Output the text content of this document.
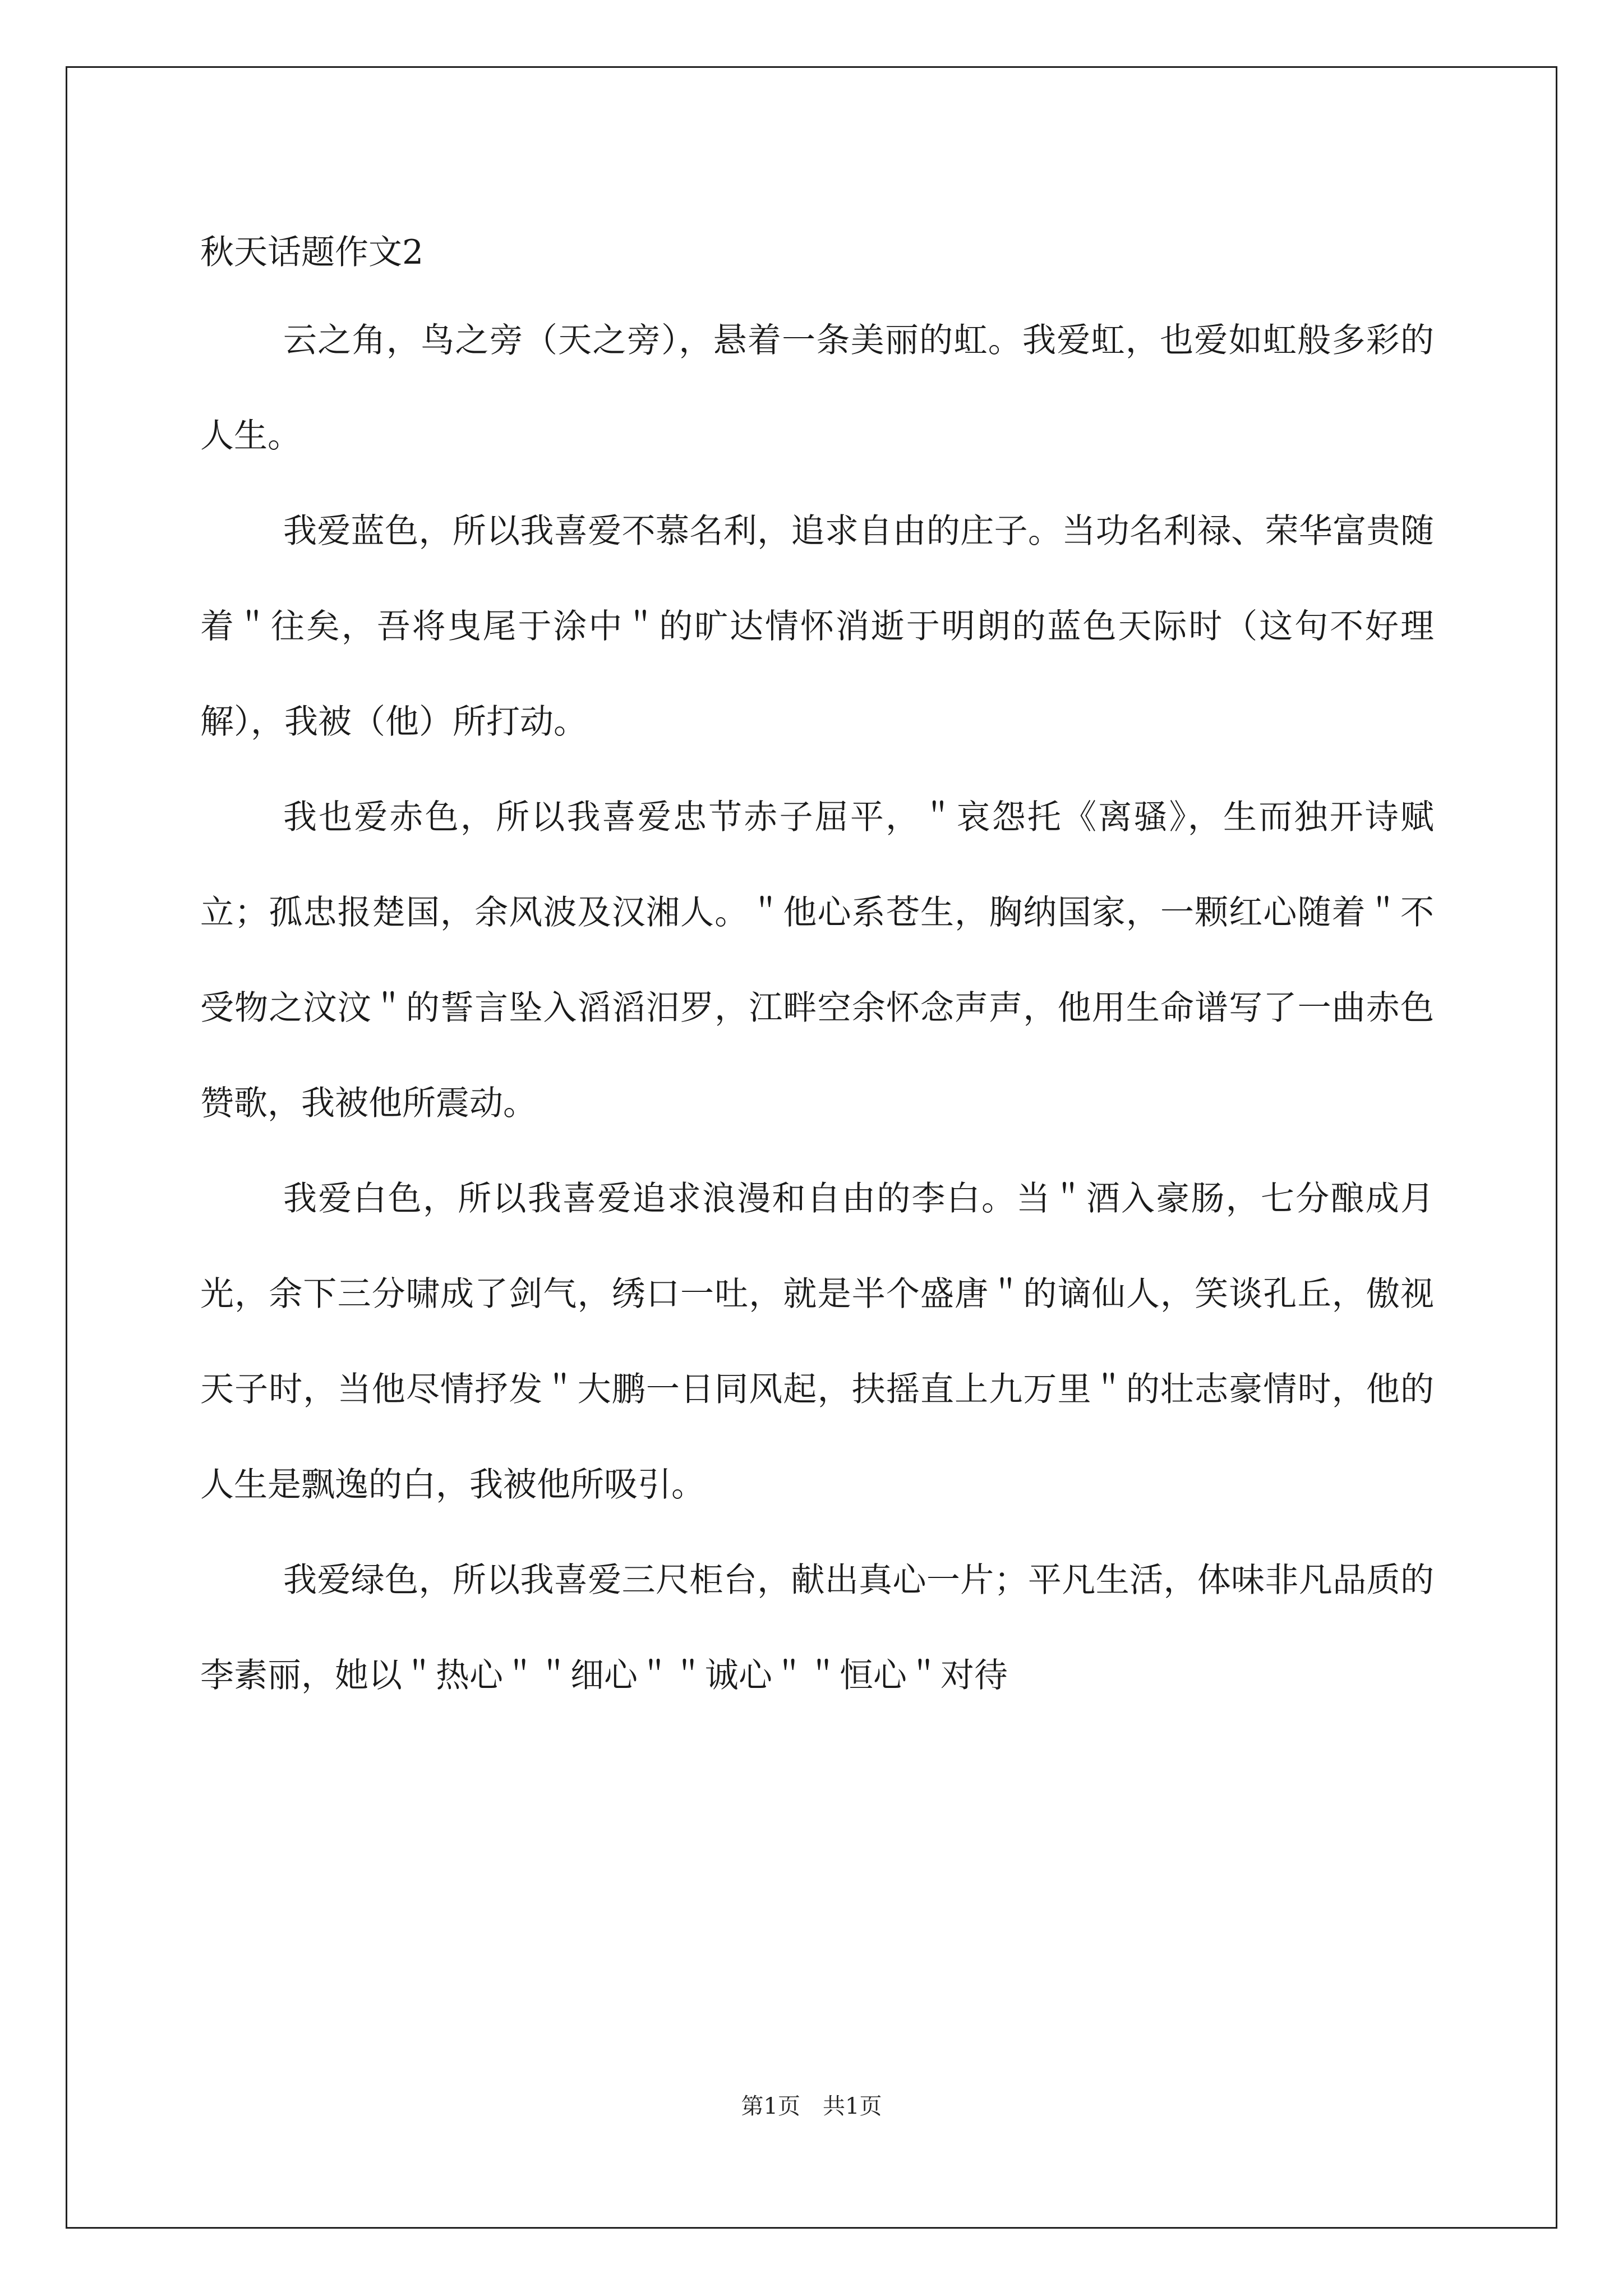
秋天话题作文2

云之角，鸟之旁（天之旁），悬着一条美丽的虹。我爱虹，也爱如虹般多彩的人生。

我爱蓝色，所以我喜爱不慕名利，追求自由的庄子。当功名利禄、荣华富贵随着＂往矣，吾将曳尾于涂中＂的旷达情怀消逝于明朗的蓝色天际时（这句不好理解），我被（他）所打动。

我也爱赤色，所以我喜爱忠节赤子屈平，＂哀怨托《离骚》，生而独开诗赋立；孤忠报楚国，余风波及汉湘人。＂他心系苍生，胸纳国家，一颗红心随着＂不受物之汶汶＂的誓言坠入滔滔汨罗，江畔空余怀念声声，他用生命谱写了一曲赤色赞歌，我被他所震动。

我爱白色，所以我喜爱追求浪漫和自由的李白。当＂酒入豪肠，七分酿成月光，余下三分啸成了剑气，绣口一吐，就是半个盛唐＂的谪仙人，笑谈孔丘，傲视天子时，当他尽情抒发＂大鹏一日同风起，扶摇直上九万里＂的壮志豪情时，他的人生是飘逸的白，我被他所吸引。

我爱绿色，所以我喜爱三尺柜台，献出真心一片；平凡生活，体味非凡品质的李素丽，她以＂热心＂＂细心＂＂诚心＂＂恒心＂对待

第1页　共1页
